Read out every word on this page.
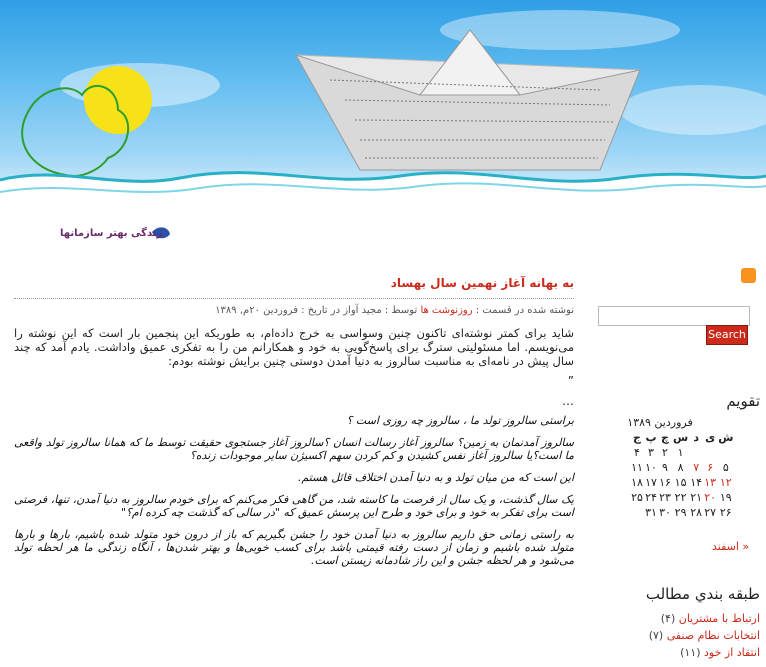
زندگی بهتر سازمانها
به بهانه آغاز نهمین سال بهساد
نوشته شده در قسمت : روزنوشت ها توسط : مجید آواز در تاریخ : فروردین ۲۰م, ۱۳۸۹

شاید برای کمتر نوشته‌ای تاکنون چنین وسواسی به خرج داده‌ام، به طوریکه این پنجمین بار است که این نوشته را می‌نویسم. اما مسئولیتی سترگ برای پاسخ‌گویی به خود و همکارانم من را به تفکری عمیق واداشت. یادم آمد که چند سال پیش در نامه‌ای به مناسبت سالروز به دنیا آمدن دوستی چنین برایش نوشته بودم:

”
…

براستی سالروز تولد ما ، سالروز چه روزی است ؟

سالروز آمدنمان به زمین؟ سالروز آغاز رسالت انسان ؟سالروز آغاز جستجوی حقیقت توسط ما که همانا سالروز تولد واقعی ما است؟یا سالروز آغاز نفس کشیدن و کم کردن سهم اکسیژن سایر موجودات زنده؟

این است که من میان تولد و به دنیا آمدن اختلاف قائل هستم.

یک سال گذشت، و یک سال از فرصت ما کاسته شد، من گاهی فکر می‌کنم که برای خودم سالروز به دنیا آمدن، تنها، فرصتی است برای تفکر به خود و برای خود و طرح این پرسش عمیق که "در سالی که گذشت چه کرده ام؟"

به راستی زمانی حق داریم سالروز به دنیا آمدن خود را جشن بگیریم که باز از درون خود متولد شده باشیم، بارها و بارها متولد شده باشیم و زمان از دست رفته قیمتی باشد برای کسب خوبی‌ها و بهتر شدن‌ها ، آنگاه زندگی ما هر لحظه تولد می‌شود و هر لحظه جشن و این راز شادمانه زیستن است.

Search
تقویم
فروردین ۱۳۸۹
ش	ی	د	س	چ	پ	ج
			۱	۲	۳	۴
۵	۶	۷	۸	۹	۱۰	۱۱
۱۲	۱۳	۱۴	۱۵	۱۶	۱۷	۱۸
۱۹	۲۰	۲۱	۲۲	۲۳	۲۴	۲۵
۲۶	۲۷	۲۸	۲۹	۳۰	۳۱	
« اسفند
طبقه بندي مطالب
ارتباط با مشتریان (۴)
انتخابات نظام صنفی (۷)
انتقاد از خود (۱۱)
